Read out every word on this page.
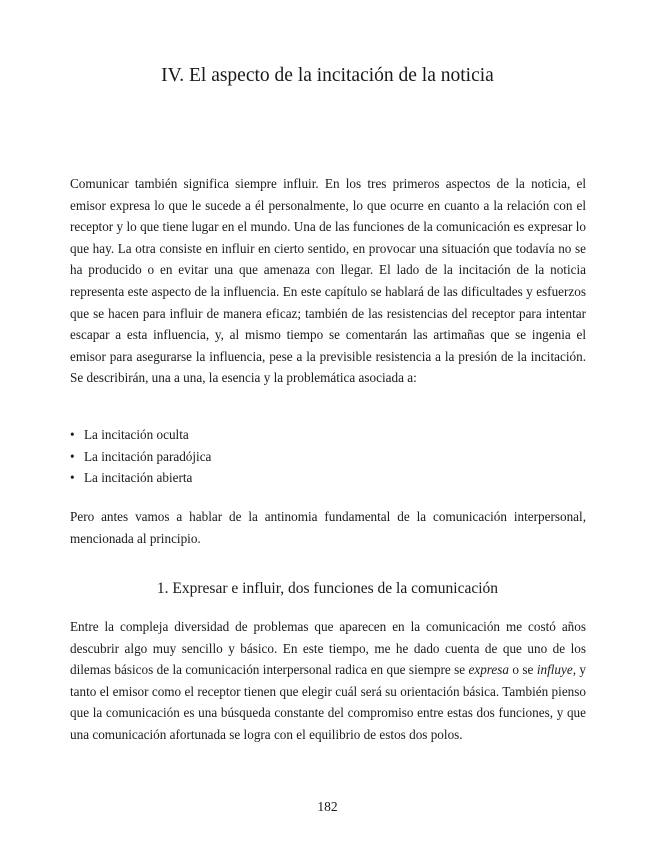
IV. El aspecto de la incitación de la noticia

Comunicar también significa siempre influir. En los tres primeros aspectos de la noticia, el emisor expresa lo que le sucede a él personalmente, lo que ocurre en cuanto a la relación con el receptor y lo que tiene lugar en el mundo. Una de las funciones de la comunicación es expresar lo que hay. La otra consiste en influir en cierto sentido, en provocar una situación que todavía no se ha producido o en evitar una que amenaza con llegar. El lado de la incitación de la noticia representa este aspecto de la influencia. En este capítulo se hablará de las dificultades y esfuerzos que se hacen para influir de manera eficaz; también de las resistencias del receptor para intentar escapar a esta influencia, y, al mismo tiempo se comentarán las artimañas que se ingenia el emisor para asegurarse la influencia, pese a la previsible resistencia a la presión de la incitación. Se describirán, una a una, la esencia y la problemática asociada a:

• La incitación oculta
• La incitación paradójica
• La incitación abierta

Pero antes vamos a hablar de la antinomia fundamental de la comunicación interpersonal, mencionada al principio.

1. Expresar e influir, dos funciones de la comunicación

Entre la compleja diversidad de problemas que aparecen en la comunicación me costó años descubrir algo muy sencillo y básico. En este tiempo, me he dado cuenta de que uno de los dilemas básicos de la comunicación interpersonal radica en que siempre se expresa o se influye, y tanto el emisor como el receptor tienen que elegir cuál será su orientación básica. También pienso que la comunicación es una búsqueda constante del compromiso entre estas dos funciones, y que una comunicación afortunada se logra con el equilibrio de estos dos polos.

182
